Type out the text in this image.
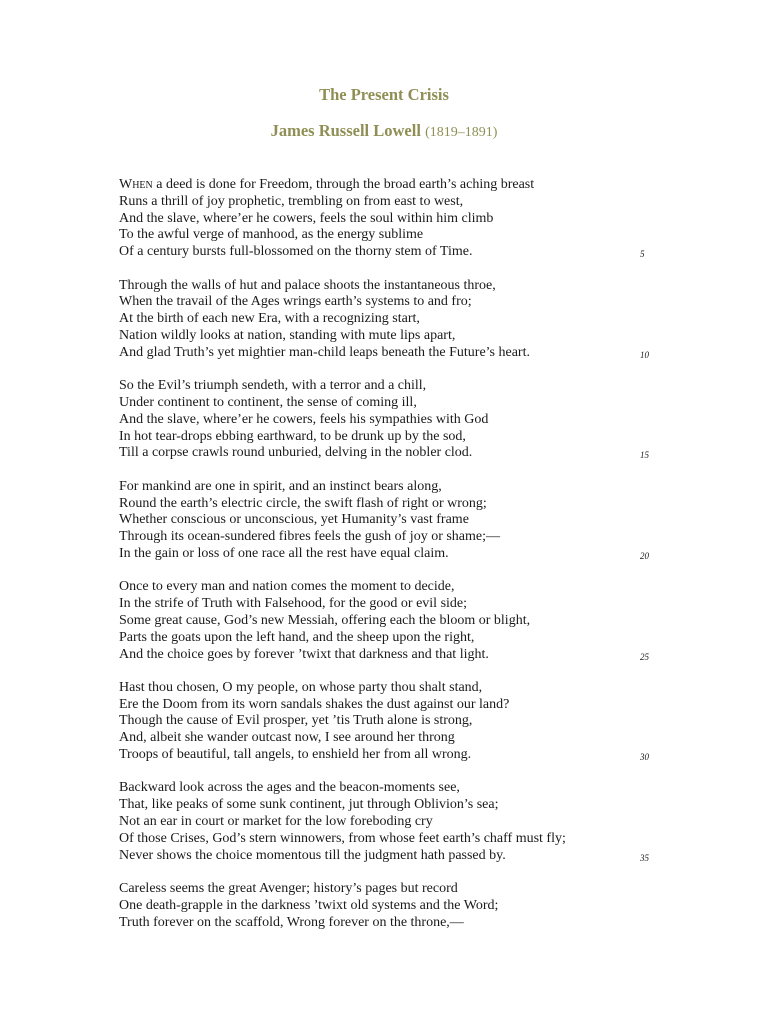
The Present Crisis
James Russell Lowell (1819–1891)
When a deed is done for Freedom, through the broad earth’s aching breast
Runs a thrill of joy prophetic, trembling on from east to west,
And the slave, where’er he cowers, feels the soul within him climb
To the awful verge of manhood, as the energy sublime
Of a century bursts full-blossomed on the thorny stem of Time.	5
Through the walls of hut and palace shoots the instantaneous throe,
When the travail of the Ages wrings earth’s systems to and fro;
At the birth of each new Era, with a recognizing start,
Nation wildly looks at nation, standing with mute lips apart,
And glad Truth’s yet mightier man-child leaps beneath the Future’s heart.	10
So the Evil’s triumph sendeth, with a terror and a chill,
Under continent to continent, the sense of coming ill,
And the slave, where’er he cowers, feels his sympathies with God
In hot tear-drops ebbing earthward, to be drunk up by the sod,
Till a corpse crawls round unburied, delving in the nobler clod.	15
For mankind are one in spirit, and an instinct bears along,
Round the earth’s electric circle, the swift flash of right or wrong;
Whether conscious or unconscious, yet Humanity’s vast frame
Through its ocean-sundered fibres feels the gush of joy or shame;—
In the gain or loss of one race all the rest have equal claim.	20
Once to every man and nation comes the moment to decide,
In the strife of Truth with Falsehood, for the good or evil side;
Some great cause, God’s new Messiah, offering each the bloom or blight,
Parts the goats upon the left hand, and the sheep upon the right,
And the choice goes by forever ’twixt that darkness and that light.	25
Hast thou chosen, O my people, on whose party thou shalt stand,
Ere the Doom from its worn sandals shakes the dust against our land?
Though the cause of Evil prosper, yet ’tis Truth alone is strong,
And, albeit she wander outcast now, I see around her throng
Troops of beautiful, tall angels, to enshield her from all wrong.	30
Backward look across the ages and the beacon-moments see,
That, like peaks of some sunk continent, jut through Oblivion’s sea;
Not an ear in court or market for the low foreboding cry
Of those Crises, God’s stern winnowers, from whose feet earth’s chaff must fly;
Never shows the choice momentous till the judgment hath passed by.	35
Careless seems the great Avenger; history’s pages but record
One death-grapple in the darkness ’twixt old systems and the Word;
Truth forever on the scaffold, Wrong forever on the throne,—
